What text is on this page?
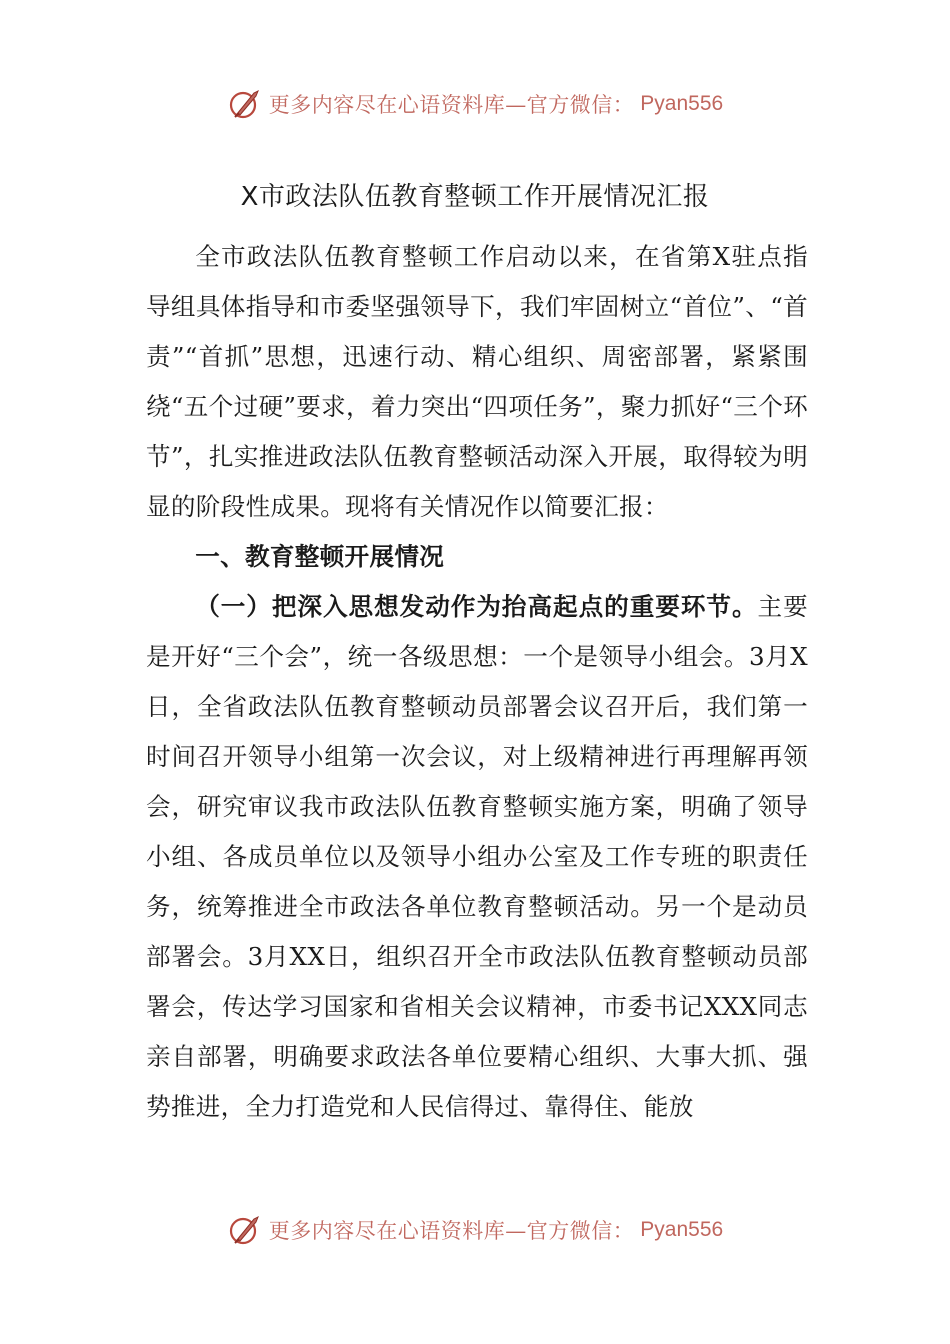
更多内容尽在心语资料库—官方微信： Pyan556
X市政法队伍教育整顿工作开展情况汇报

全市政法队伍教育整顿工作启动以来，在省第X驻点指导组具体指导和市委坚强领导下，我们牢固树立“首位”、“首责”“首抓”思想，迅速行动、精心组织、周密部署，紧紧围绕“五个过硬”要求，着力突出“四项任务”，聚力抓好“三个环节”，扎实推进政法队伍教育整顿活动深入开展，取得较为明显的阶段性成果。现将有关情况作以简要汇报：

一、教育整顿开展情况

（一）把深入思想发动作为抬高起点的重要环节。主要是开好“三个会”，统一各级思想：一个是领导小组会。3月X日，全省政法队伍教育整顿动员部署会议召开后，我们第一时间召开领导小组第一次会议，对上级精神进行再理解再领会，研究审议我市政法队伍教育整顿实施方案，明确了领导小组、各成员单位以及领导小组办公室及工作专班的职责任务，统筹推进全市政法各单位教育整顿活动。另一个是动员部署会。3月XX日，组织召开全市政法队伍教育整顿动员部署会，传达学习国家和省相关会议精神，市委书记XXX同志亲自部署，明确要求政法各单位要精心组织、大事大抓、强势推进，全力打造党和人民信得过、靠得住、能放

更多内容尽在心语资料库—官方微信： Pyan556
